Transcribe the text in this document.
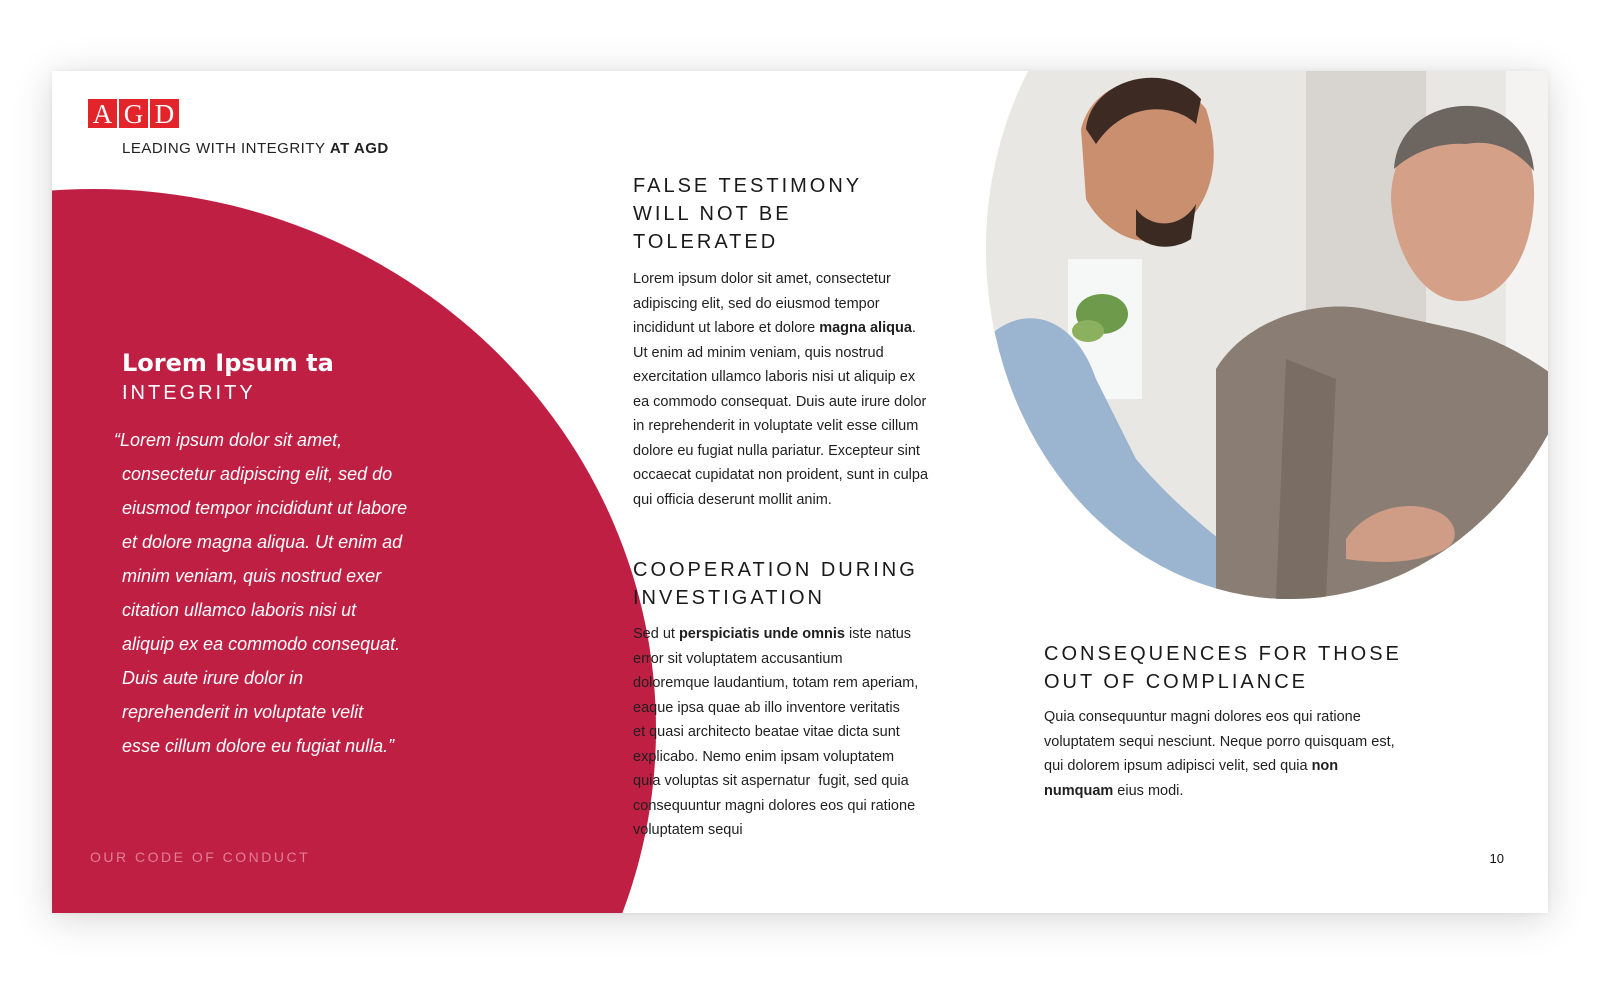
A G D
LEADING WITH INTEGRITY AT AGD
Lorem Ipsum ta
INTEGRITY
“Lorem ipsum dolor sit amet,
consectetur adipiscing elit, sed do
eiusmod tempor incididunt ut labore
et dolore magna aliqua. Ut enim ad
minim veniam, quis nostrud exer
citation ullamco laboris nisi ut
aliquip ex ea commodo consequat.
Duis aute irure dolor in
reprehenderit in voluptate velit
esse cillum dolore eu fugiat nulla.”
OUR CODE OF CONDUCT
FALSE TESTIMONY
WILL NOT BE
TOLERATED

Lorem ipsum dolor sit amet, consectetur
adipiscing elit, sed do eiusmod tempor
incididunt ut labore et dolore magna aliqua.
Ut enim ad minim veniam, quis nostrud
exercitation ullamco laboris nisi ut aliquip ex
ea commodo consequat. Duis aute irure dolor
in reprehenderit in voluptate velit esse cillum
dolore eu fugiat nulla pariatur. Excepteur sint
occaecat cupidatat non proident, sunt in culpa
qui officia deserunt mollit anim.

COOPERATION DURING
INVESTIGATION

Sed ut perspiciatis unde omnis iste natus
error sit voluptatem accusantium
doloremque laudantium, totam rem aperiam,
eaque ipsa quae ab illo inventore veritatis
et quasi architecto beatae vitae dicta sunt
explicabo. Nemo enim ipsam voluptatem
quia voluptas sit aspernatur  fugit, sed quia
consequuntur magni dolores eos qui ratione
voluptatem sequi

CONSEQUENCES FOR THOSE
OUT OF COMPLIANCE

Quia consequuntur magni dolores eos qui ratione
voluptatem sequi nesciunt. Neque porro quisquam est,
qui dolorem ipsum adipisci velit, sed quia non
numquam eius modi.

10
